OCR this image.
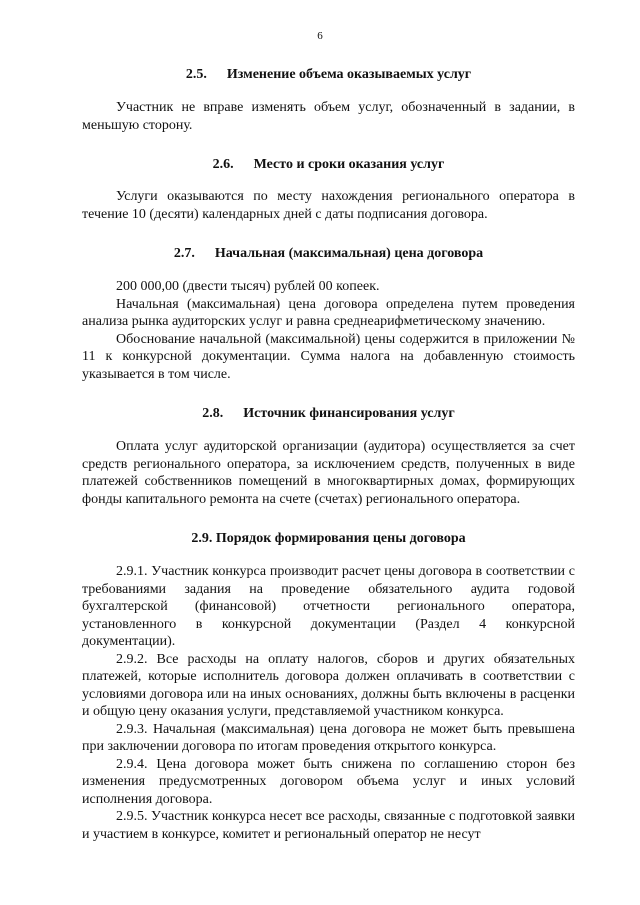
6
2.5. Изменение объема оказываемых услуг

Участник не вправе изменять объем услуг, обозначенный в задании, в меньшую сторону.

2.6. Место и сроки оказания услуг

Услуги оказываются по месту нахождения регионального оператора в течение 10 (десяти) календарных дней с даты подписания договора.

2.7. Начальная (максимальная) цена договора

200 000,00 (двести тысяч) рублей 00 копеек.

Начальная (максимальная) цена договора определена путем проведения анализа рынка аудиторских услуг и равна среднеарифметическому значению.

Обоснование начальной (максимальной) цены содержится в приложении № 11 к конкурсной документации. Сумма налога на добавленную стоимость указывается в том числе.

2.8. Источник финансирования услуг

Оплата услуг аудиторской организации (аудитора) осуществляется за счет средств регионального оператора, за исключением средств, полученных в виде платежей собственников помещений в многоквартирных домах, формирующих фонды капитального ремонта на счете (счетах) регионального оператора.

2.9. Порядок формирования цены договора

2.9.1. Участник конкурса производит расчет цены договора в соответствии с требованиями задания на проведение обязательного аудита годовой бухгалтерской (финансовой) отчетности регионального оператора, установленного в конкурсной документации (Раздел 4 конкурсной документации).

2.9.2. Все расходы на оплату налогов, сборов и других обязательных платежей, которые исполнитель договора должен оплачивать в соответствии с условиями договора или на иных основаниях, должны быть включены в расценки и общую цену оказания услуги, представляемой участником конкурса.

2.9.3. Начальная (максимальная) цена договора не может быть превышена при заключении договора по итогам проведения открытого конкурса.

2.9.4. Цена договора может быть снижена по соглашению сторон без изменения предусмотренных договором объема услуг и иных условий исполнения договора.

2.9.5. Участник конкурса несет все расходы, связанные с подготовкой заявки и участием в конкурсе, комитет и региональный оператор не несут
